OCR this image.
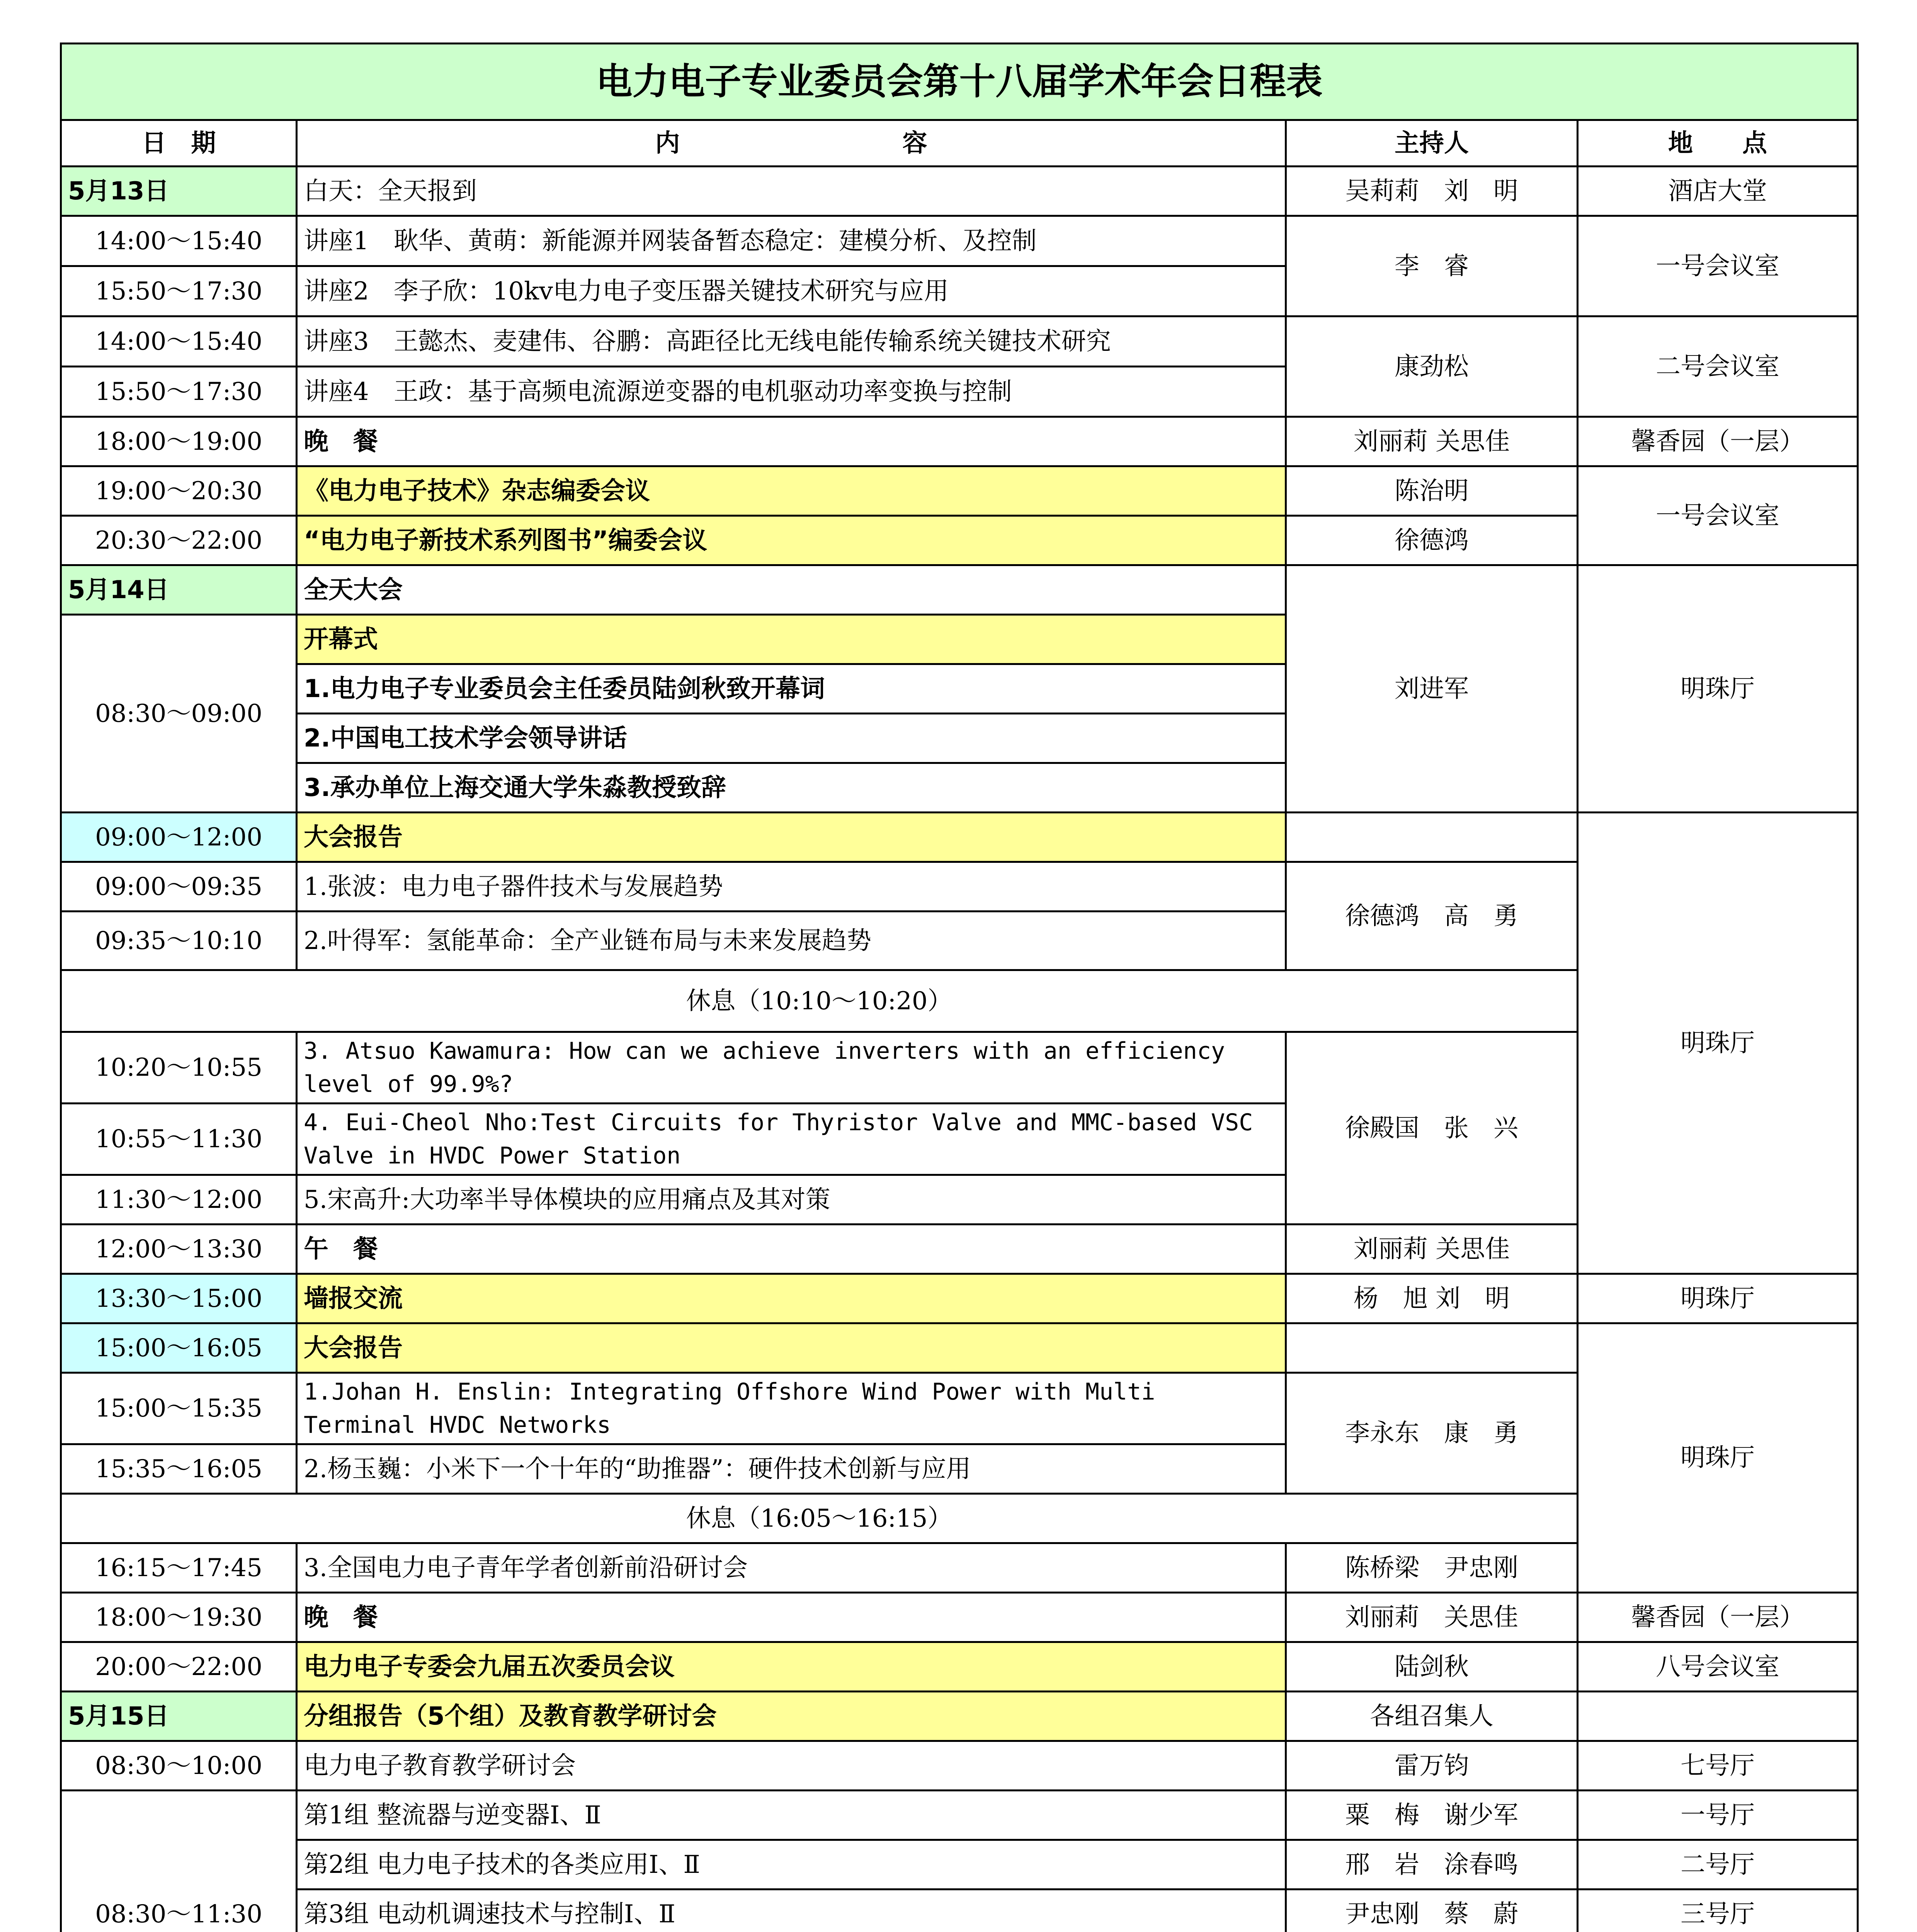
电力电子专业委员会第十八届学术年会日程表				
日　期	内　　　　　　　　　容	主持人	地　　点	
5月13日	白天：全天报到	吴莉莉　刘　明	酒店大堂	
14:00～15:40	讲座1　耿华、黄萌：新能源并网装备暂态稳定：建模分析、及控制	李　睿	一号会议室	
15:50～17:30	讲座2　李子欣：10kv电力电子变压器关键技术研究与应用			
14:00～15:40	讲座3　王懿杰、麦建伟、谷鹏：高距径比无线电能传输系统关键技术研究	康劲松	二号会议室	
15:50～17:30	讲座4　王政：基于高频电流源逆变器的电机驱动功率变换与控制			
18:00～19:00	晚　餐	刘丽莉 关思佳	馨香园（一层）	
19:00～20:30	《电力电子技术》杂志编委会议	陈治明	一号会议室	
20:30～22:00	“电力电子新技术系列图书”编委会议	徐德鸿		
5月14日	全天大会	刘进军	明珠厅	
08:30～09:00	开幕式			
	1.电力电子专业委员会主任委员陆剑秋致开幕词			
	2.中国电工技术学会领导讲话			
	3.承办单位上海交通大学朱淼教授致辞			
09:00～12:00	大会报告		明珠厅	
09:00～09:35	1.张波：电力电子器件技术与发展趋势	徐德鸿　高　勇		
09:35～10:10	2.叶得军：氢能革命：全产业链布局与未来发展趋势			
休息（10:10～10:20）				
10:20～10:55	3. Atsuo Kawamura: How can we achieve inverters with an efficiency level of 99.9%?	徐殿国　张　兴		
10:55～11:30	4. Eui-Cheol Nho:Test Circuits for Thyristor Valve and MMC-based VSC Valve in HVDC Power Station			
11:30～12:00	5.宋高升:大功率半导体模块的应用痛点及其对策			
12:00～13:30	午　餐	刘丽莉 关思佳	
13:30～15:00	墙报交流	杨　旭 刘　明	明珠厅	
15:00～16:05	大会报告		明珠厅	
15:00～15:35	1.Johan H. Enslin: Integrating Offshore Wind Power with Multi Terminal HVDC Networks	李永东　康　勇		
15:35～16:05	2.杨玉巍：小米下一个十年的“助推器”：硬件技术创新与应用			
休息（16:05～16:15）				
16:15～17:45	3.全国电力电子青年学者创新前沿研讨会	陈桥梁　尹忠刚		
18:00～19:30	晚　餐	刘丽莉　关思佳	馨香园（一层）	
20:00～22:00	电力电子专委会九届五次委员会议	陆剑秋	八号会议室	
5月15日	分组报告（5个组）及教育教学研讨会	各组召集人		
08:30～10:00	电力电子教育教学研讨会	雷万钧	七号厅	
08:30～11:30	第1组 整流器与逆变器Ⅰ、Ⅱ	粟　梅　谢少军	一号厅	
	第2组 电力电子技术的各类应用Ⅰ、Ⅱ	邢　岩　涂春鸣	二号厅	
	第3组 电动机调速技术与控制Ⅰ、Ⅱ	尹忠刚　蔡　蔚	三号厅	
